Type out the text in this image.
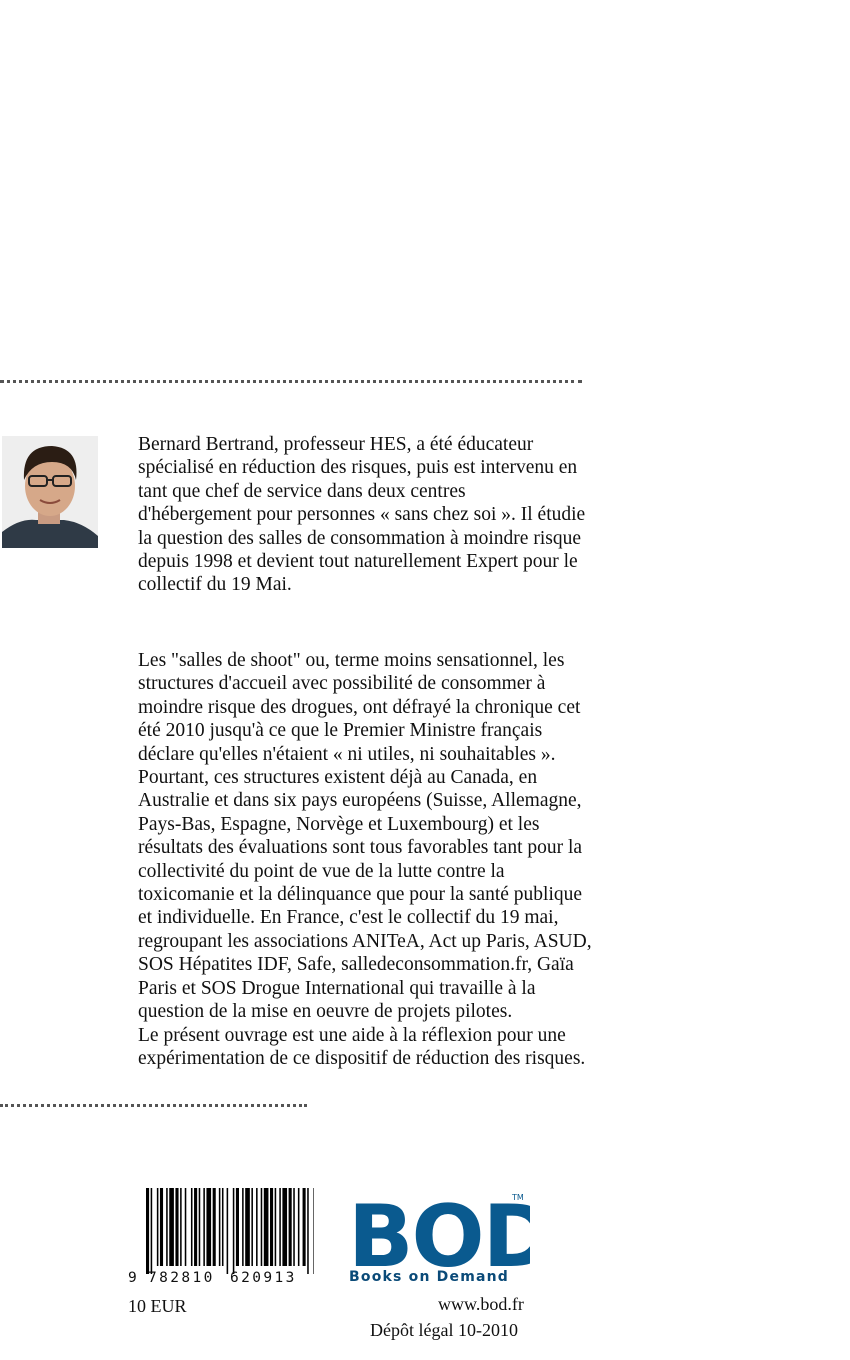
Bernard Bertrand, professeur HES, a été éducateur
spécialisé en réduction des risques, puis est intervenu en
tant que chef de service dans deux centres
d'hébergement pour personnes « sans chez soi ». Il étudie
la question des salles de consommation à moindre risque
depuis 1998 et devient tout naturellement Expert pour le
collectif du 19 Mai.
Les "salles de shoot" ou, terme moins sensationnel, les
structures d'accueil avec possibilité de consommer à
moindre risque des drogues, ont défrayé la chronique cet
été 2010 jusqu'à ce que le Premier Ministre français
déclare qu'elles n'étaient « ni utiles, ni souhaitables ».
Pourtant, ces structures existent déjà au Canada, en
Australie et dans six pays européens (Suisse, Allemagne,
Pays-Bas, Espagne, Norvège et Luxembourg) et les
résultats des évaluations sont tous favorables tant pour la
collectivité du point de vue de la lutte contre la
toxicomanie et la délinquance que pour la santé publique
et individuelle. En France, c'est le collectif du 19 mai,
regroupant les associations ANITeA, Act up Paris, ASUD,
SOS Hépatites IDF, Safe, salledeconsommation.fr, Gaïa
Paris et SOS Drogue International qui travaille à la
question de la mise en oeuvre de projets pilotes.
Le présent ouvrage est une aide à la réflexion pour une
expérimentation de ce dispositif de réduction des risques.
9 782810 620913
10 EUR
BOD
TM
Books on Demand
www.bod.fr
Dépôt légal 10-2010
